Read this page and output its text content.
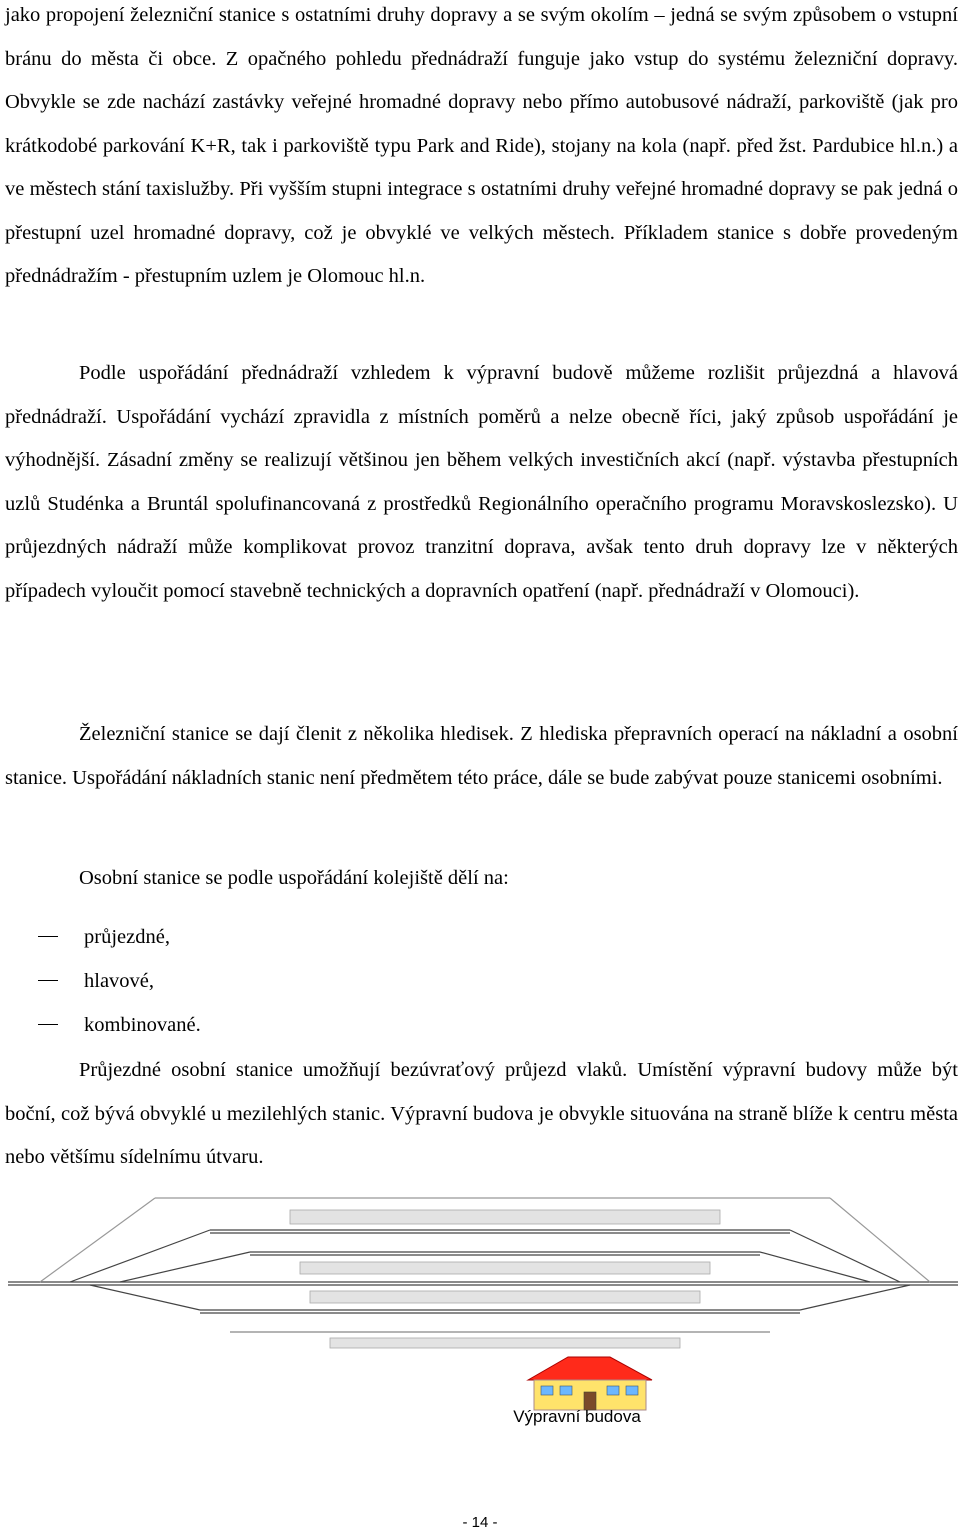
jako propojení železniční stanice s ostatními druhy dopravy a se svým okolím – jedná se svým způsobem o vstupní bránu do města či obce. Z opačného pohledu přednádraží funguje jako vstup do systému železniční dopravy. Obvykle se zde nachází zastávky veřejné hromadné dopravy nebo přímo autobusové nádraží, parkoviště (jak pro krátkodobé parkování K+R, tak i parkoviště typu Park and Ride), stojany na kola (např. před žst. Pardubice hl.n.) a ve městech stání taxislužby. Při vyšším stupni integrace s ostatními druhy veřejné hromadné dopravy se pak jedná o přestupní uzel hromadné dopravy, což je obvyklé ve velkých městech. Příkladem stanice s dobře provedeným přednádražím - přestupním uzlem je Olomouc hl.n.

Podle uspořádání přednádraží vzhledem k výpravní budově můžeme rozlišit průjezdná a hlavová přednádraží. Uspořádání vychází zpravidla z místních poměrů a nelze obecně říci, jaký způsob uspořádání je výhodnější. Zásadní změny se realizují většinou jen během velkých investičních akcí (např. výstavba přestupních uzlů Studénka a Bruntál spolufinancovaná z prostředků Regionálního operačního programu Moravskoslezsko). U průjezdných nádraží může komplikovat provoz tranzitní doprava, avšak tento druh dopravy lze v některých případech vyloučit pomocí stavebně technických a dopravních opatření (např. přednádraží v Olomouci).

Železniční stanice se dají členit z několika hledisek. Z hlediska přepravních operací na nákladní a osobní stanice. Uspořádání nákladních stanic není předmětem této práce, dále se bude zabývat pouze stanicemi osobními.

Osobní stanice se podle uspořádání kolejiště dělí na:

průjezdné,
hlavové,
kombinované.

Průjezdné osobní stanice umožňují bezúvraťový průjezd vlaků. Umístění výpravní budovy může být boční, což bývá obvyklé u mezilehlých stanic. Výpravní budova je obvykle situována na straně blíže k centru města nebo většímu sídelnímu útvaru.

Výpravní budova
- 14 -
